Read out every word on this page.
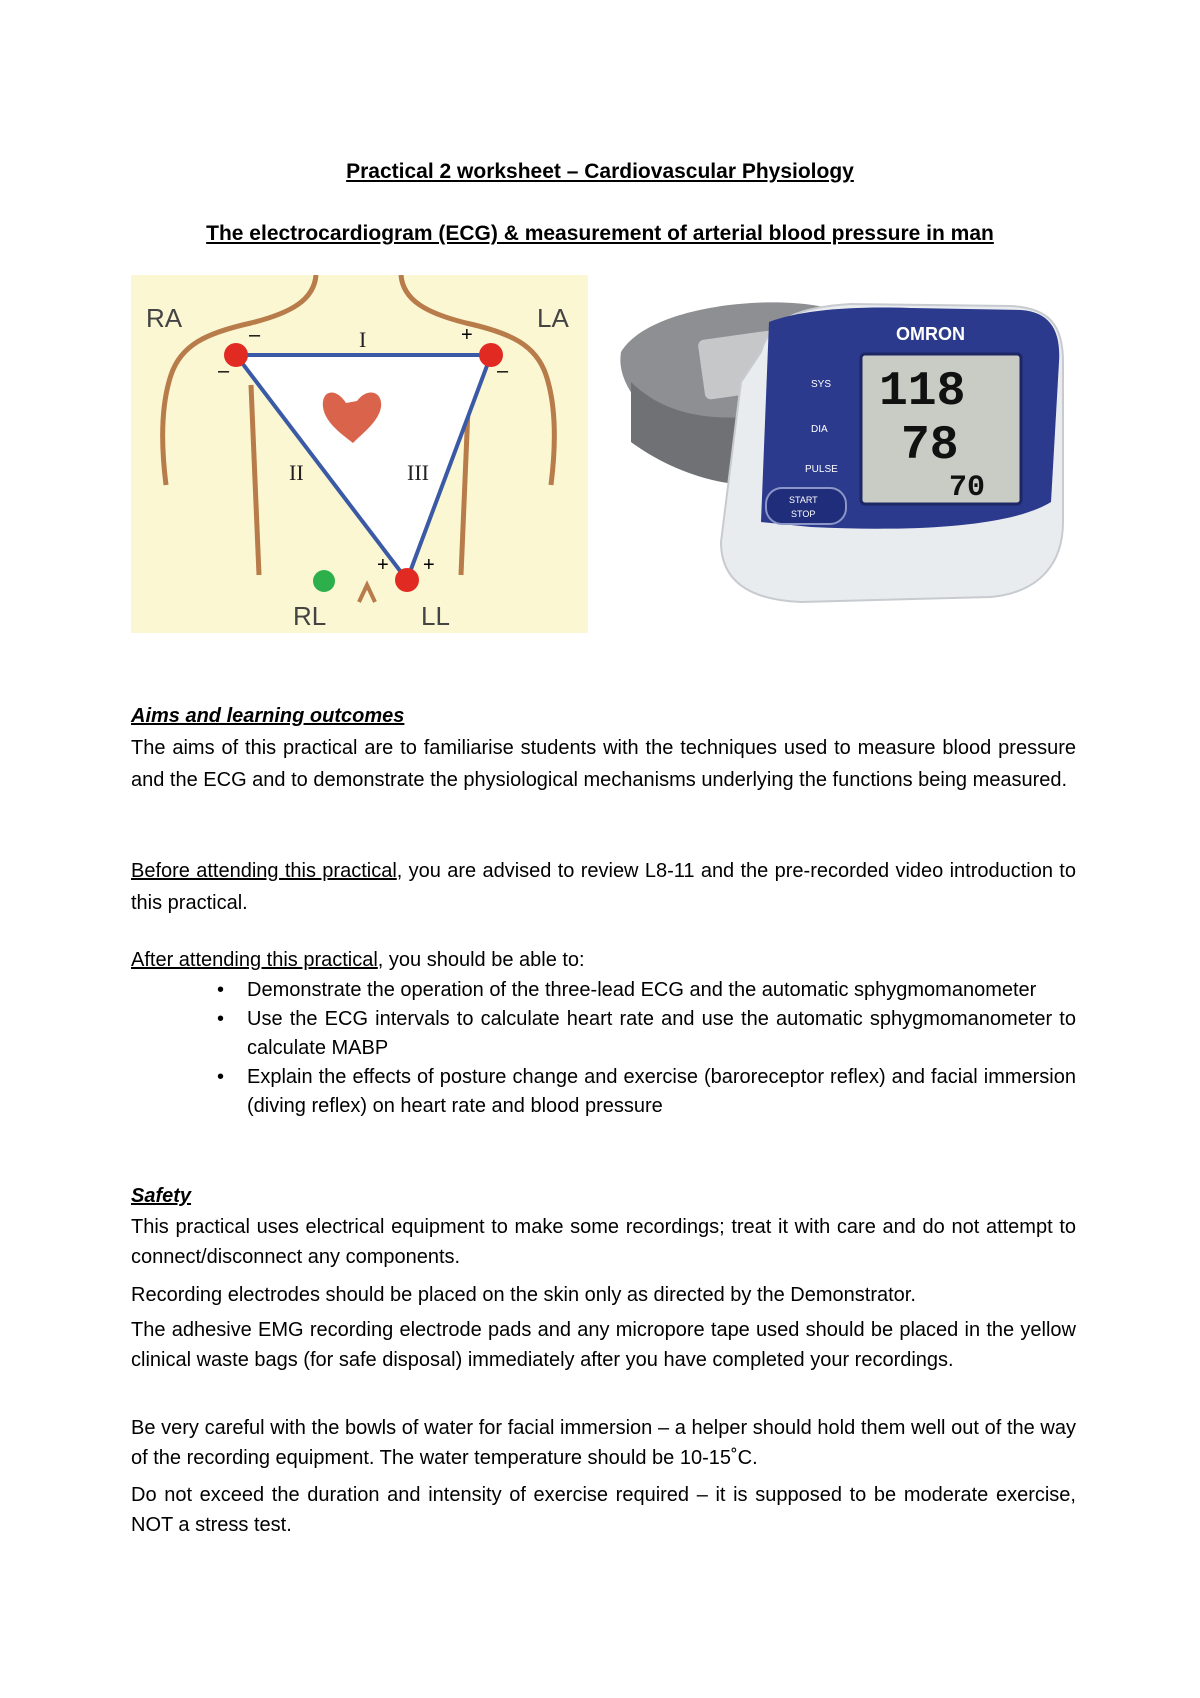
Practical 2 worksheet – Cardiovascular Physiology
The electrocardiogram (ECG) & measurement of arterial blood pressure in man
RA	LA
RL	LL
I
II	III
–
–
+
–
+ +
OMRON
SYS
DIA
PULSE
118
78
70
START
STOP
Aims and learning outcomes
The aims of this practical are to familiarise students with the techniques used to measure blood pressure and the ECG and to demonstrate the physiological mechanisms underlying the functions being measured.
Before attending this practical, you are advised to review L8-11 and the pre-recorded video introduction to this practical.
After attending this practical, you should be able to:
• Demonstrate the operation of the three-lead ECG and the automatic sphygmomanometer
• Use the ECG intervals to calculate heart rate and use the automatic sphygmomanometer to calculate MABP
• Explain the effects of posture change and exercise (baroreceptor reflex) and facial immersion (diving reflex) on heart rate and blood pressure
Safety
This practical uses electrical equipment to make some recordings; treat it with care and do not attempt to connect/disconnect any components.
Recording electrodes should be placed on the skin only as directed by the Demonstrator.
The adhesive EMG recording electrode pads and any micropore tape used should be placed in the yellow clinical waste bags (for safe disposal) immediately after you have completed your recordings.
Be very careful with the bowls of water for facial immersion – a helper should hold them well out of the way of the recording equipment. The water temperature should be 10-15˚C.
Do not exceed the duration and intensity of exercise required – it is supposed to be moderate exercise, NOT a stress test.
